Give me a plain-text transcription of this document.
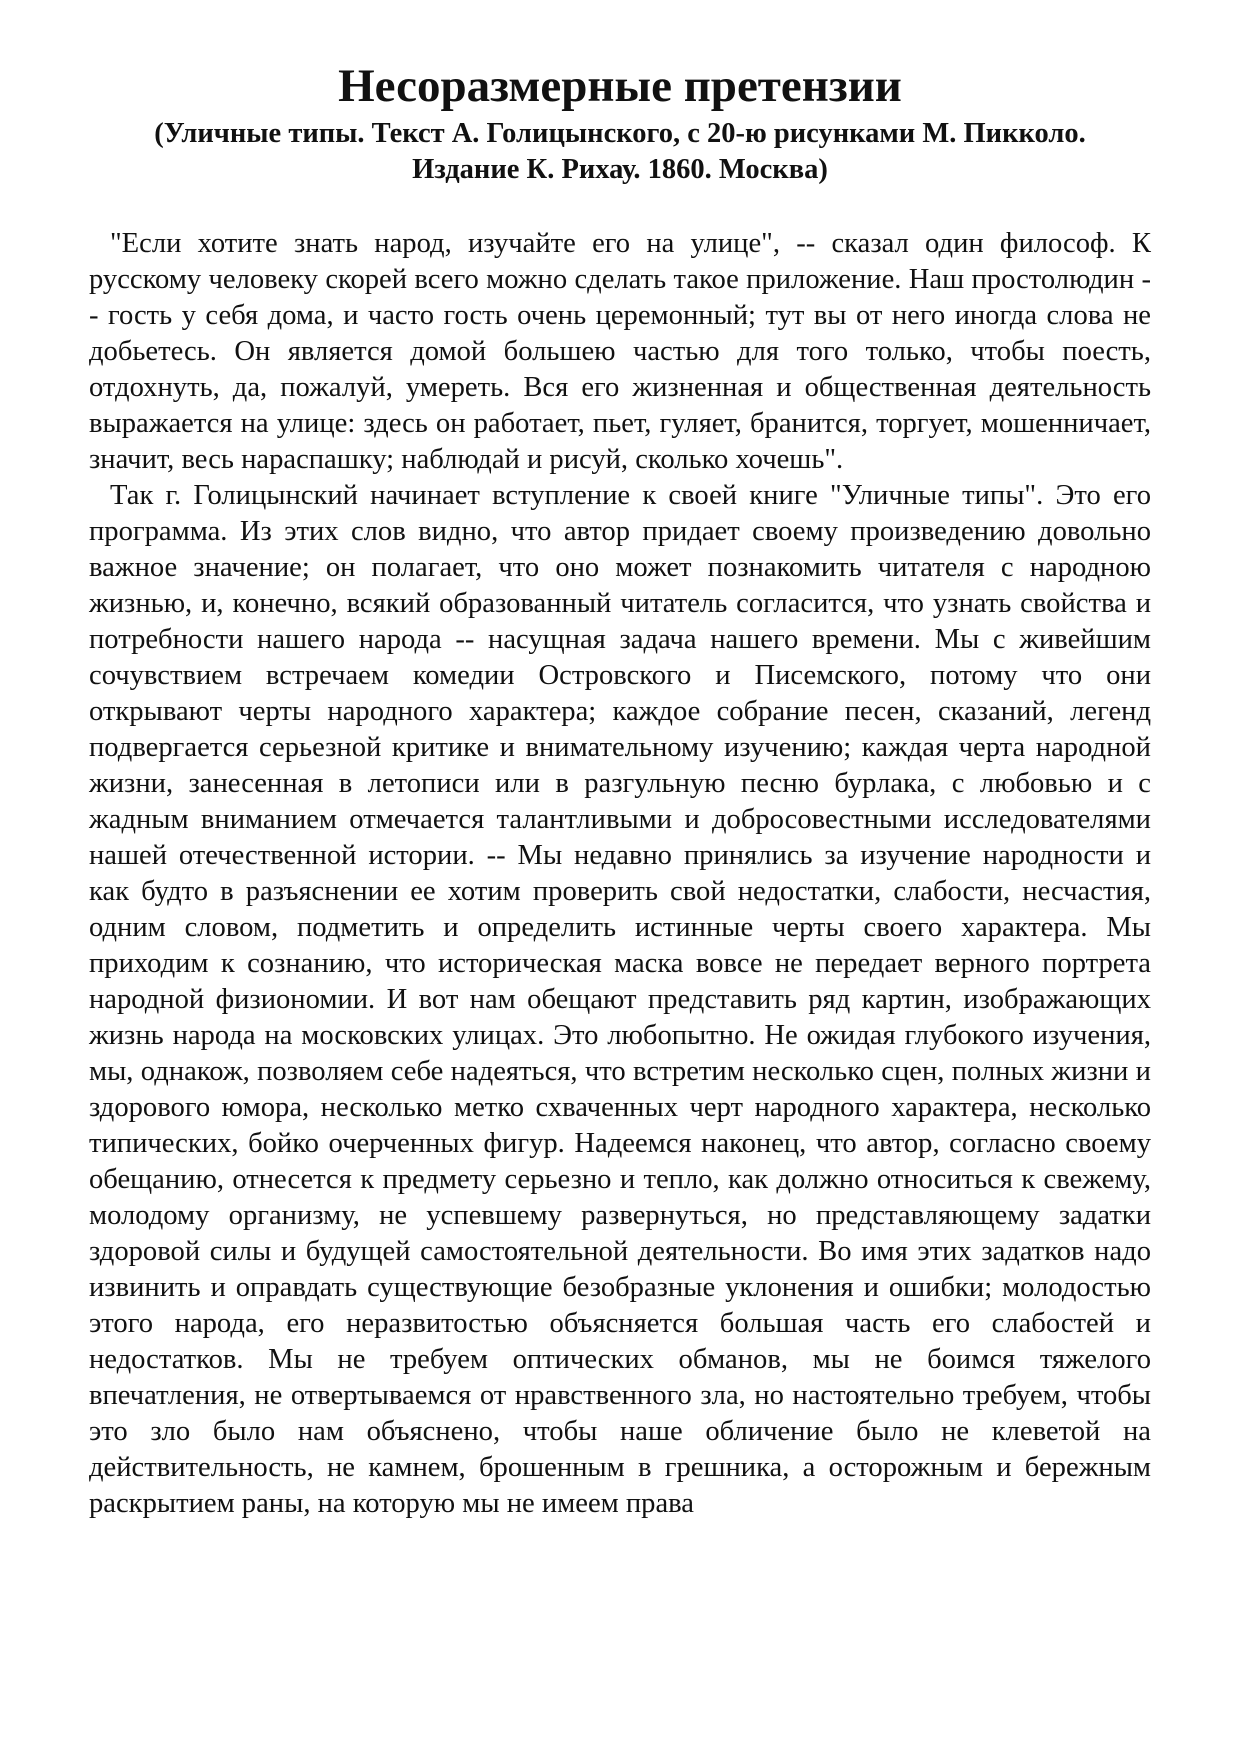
Несоразмерные претензии
(Уличные типы. Текст А. Голицынского, с 20-ю рисунками М. Пикколо.
Издание К. Рихау. 1860. Москва)

"Если хотите знать народ, изучайте его на улице", -- сказал один философ. К русскому человеку скорей всего можно сделать такое приложение. Наш простолюдин -- гость у себя дома, и часто гость очень церемонный; тут вы от него иногда слова не добьетесь. Он является домой большею частью для того только, чтобы поесть, отдохнуть, да, пожалуй, умереть. Вся его жизненная и общественная деятельность выражается на улице: здесь он работает, пьет, гуляет, бранится, торгует, мошенничает, значит, весь нараспашку; наблюдай и рисуй, сколько хочешь".

Так г. Голицынский начинает вступление к своей книге "Уличные типы". Это его программа. Из этих слов видно, что автор придает своему произведению довольно важное значение; он полагает, что оно может познакомить читателя с народною жизнью, и, конечно, всякий образованный читатель согласится, что узнать свойства и потребности нашего народа -- насущная задача нашего времени. Мы с живейшим сочувствием встречаем комедии Островского и Писемского, потому что они открывают черты народного характера; каждое собрание песен, сказаний, легенд подвергается серьезной критике и внимательному изучению; каждая черта народной жизни, занесенная в летописи или в разгульную песню бурлака, с любовью и с жадным вниманием отмечается талантливыми и добросовестными исследователями нашей отечественной истории. -- Мы недавно принялись за изучение народности и как будто в разъяснении ее хотим проверить свой недостатки, слабости, несчастия, одним словом, подметить и определить истинные черты своего характера. Мы приходим к сознанию, что историческая маска вовсе не передает верного портрета народной физиономии. И вот нам обещают представить ряд картин, изображающих жизнь народа на московских улицах. Это любопытно. Не ожидая глубокого изучения, мы, однакож, позволяем себе надеяться, что встретим несколько сцен, полных жизни и здорового юмора, несколько метко схваченных черт народного характера, несколько типических, бойко очерченных фигур. Надеемся наконец, что автор, согласно своему обещанию, отнесется к предмету серьезно и тепло, как должно относиться к свежему, молодому организму, не успевшему развернуться, но представляющему задатки здоровой силы и будущей самостоятельной деятельности. Во имя этих задатков надо извинить и оправдать существующие безобразные уклонения и ошибки; молодостью этого народа, его неразвитостью объясняется большая часть его слабостей и недостатков. Мы не требуем оптических обманов, мы не боимся тяжелого впечатления, не отвертываемся от нравственного зла, но настоятельно требуем, чтобы это зло было нам объяснено, чтобы наше обличение было не клеветой на действительность, не камнем, брошенным в грешника, а осторожным и бережным раскрытием раны, на которую мы не имеем права
